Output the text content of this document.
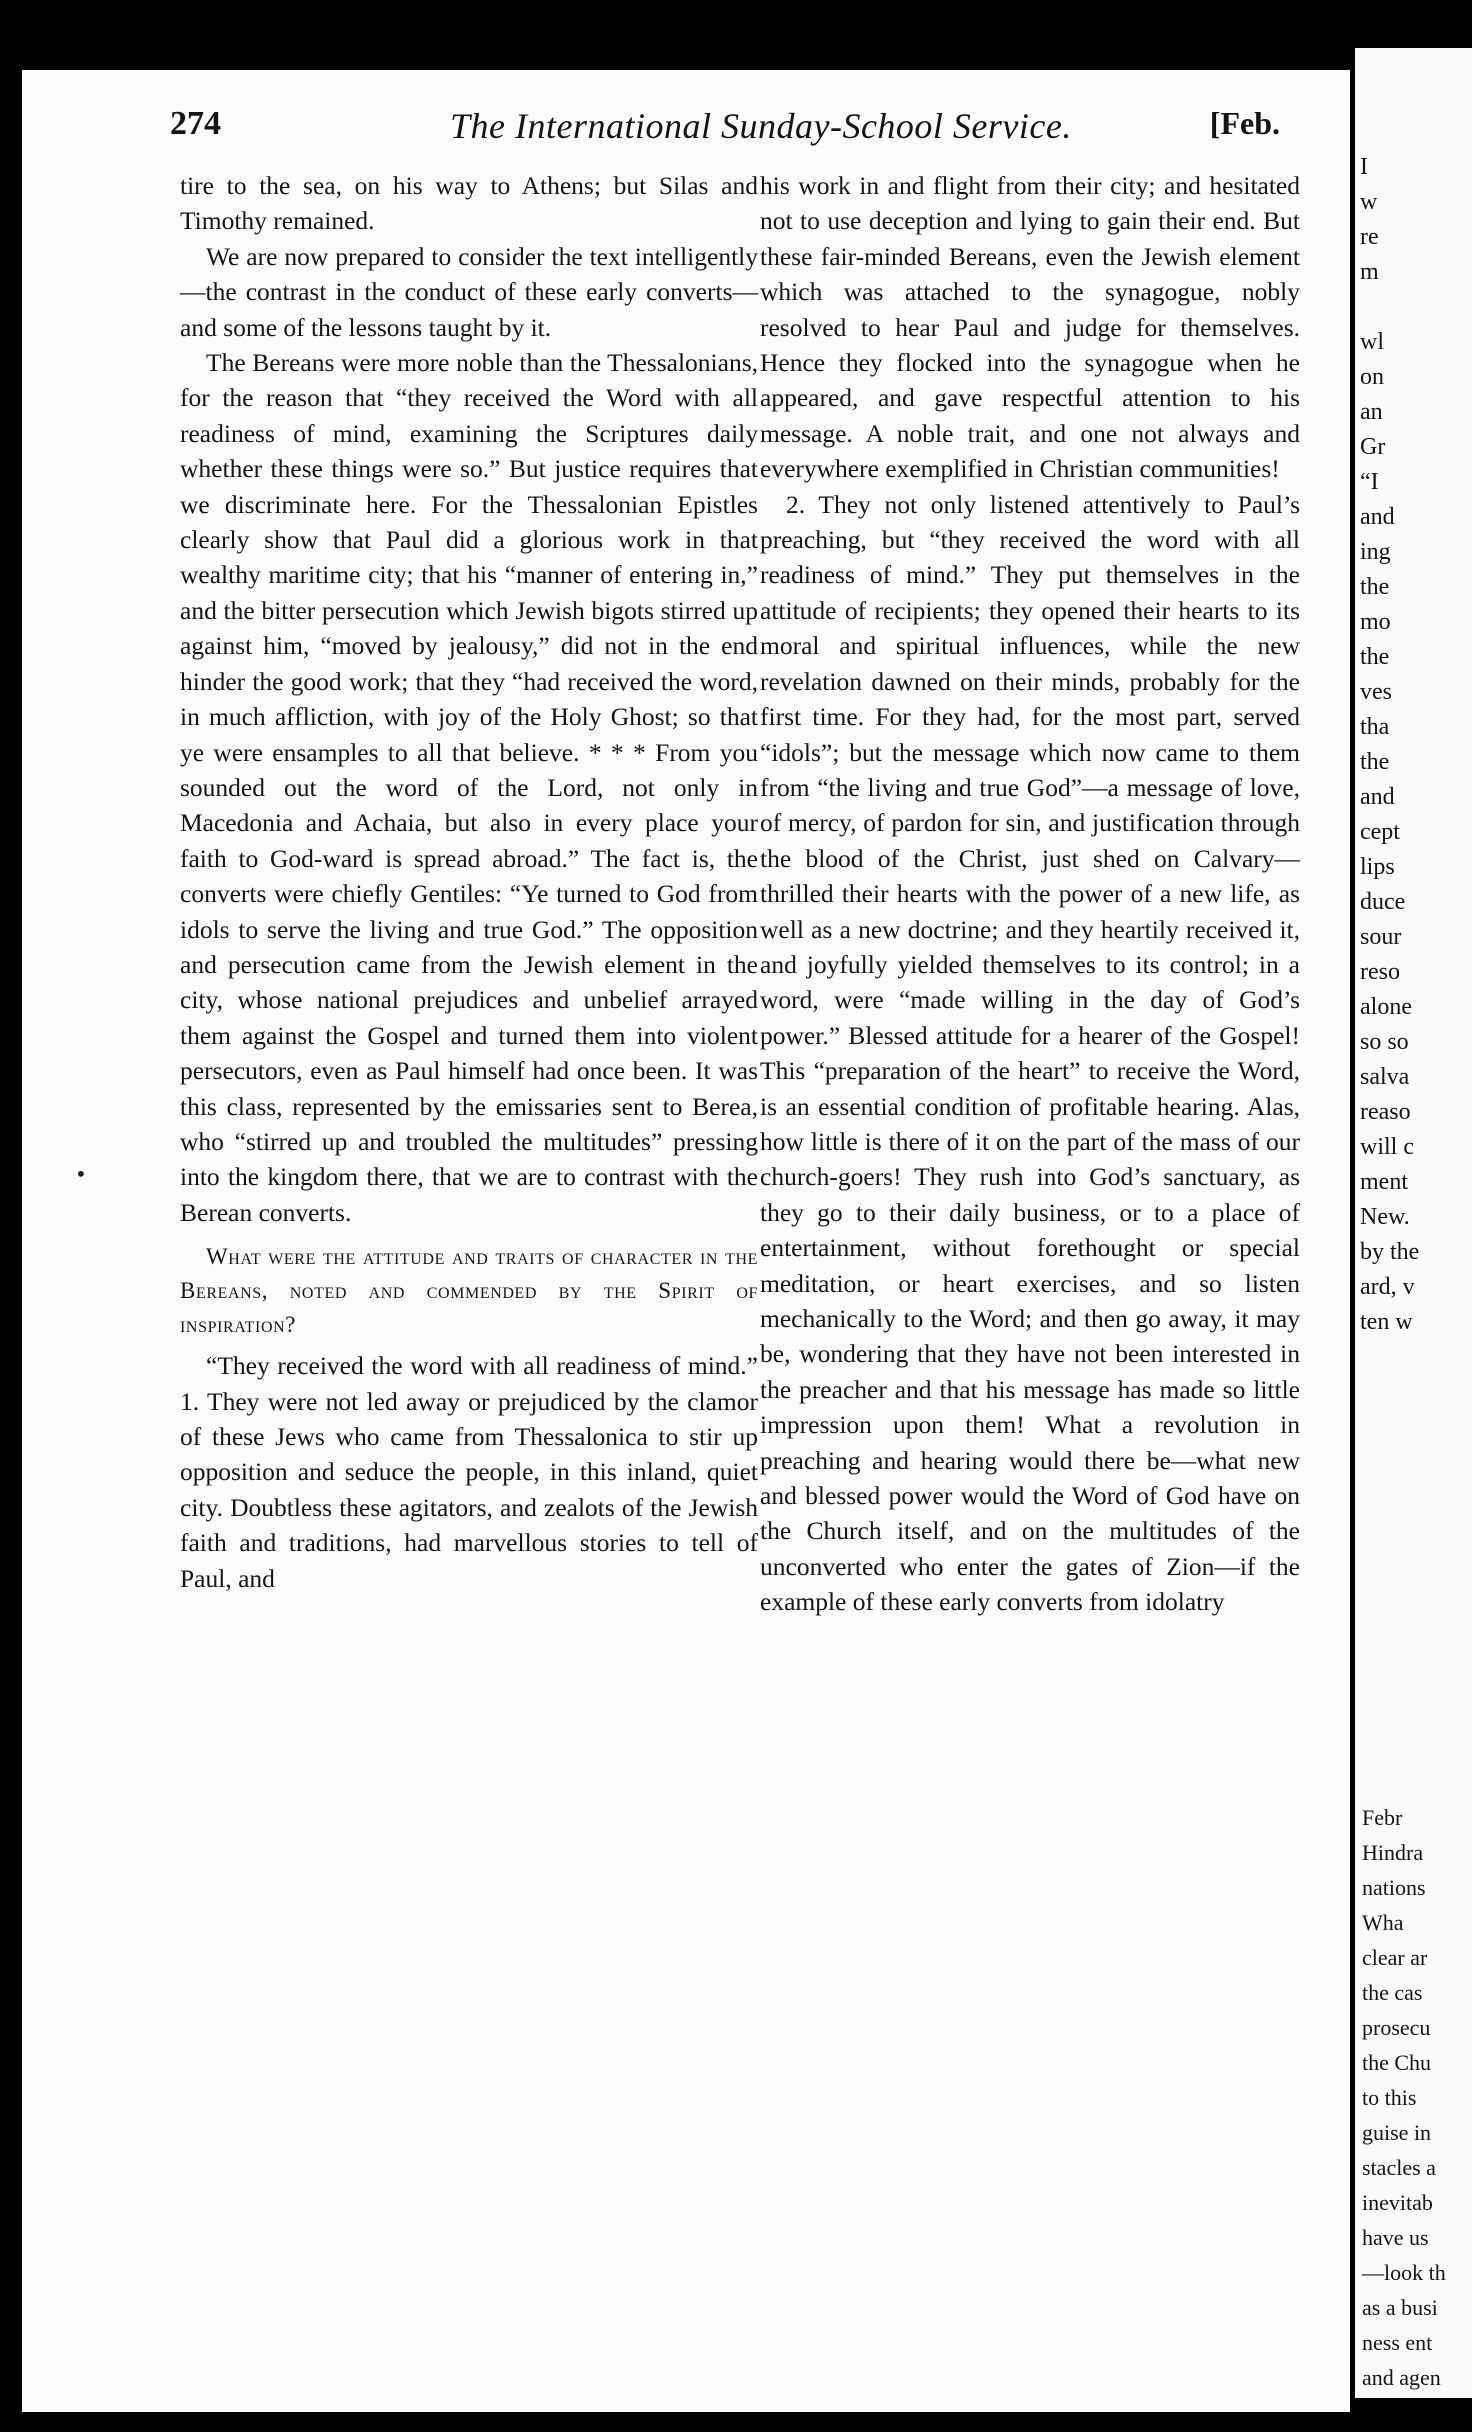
274	The International Sunday-School Service.	[Feb.
•

tire to the sea, on his way to Athens; but Silas and Timothy remained.

We are now prepared to consider the text intelligently—the contrast in the conduct of these early converts—and some of the lessons taught by it.

The Bereans were more noble than the Thessalonians, for the reason that “they received the Word with all readiness of mind, examining the Scriptures daily whether these things were so.” But justice requires that we discriminate here. For the Thessalonian Epistles clearly show that Paul did a glorious work in that wealthy maritime city; that his “manner of entering in,” and the bitter persecution which Jewish bigots stirred up against him, “moved by jealousy,” did not in the end hinder the good work; that they “had received the word, in much affliction, with joy of the Holy Ghost; so that ye were ensamples to all that believe. * * * From you sounded out the word of the Lord, not only in Macedonia and Achaia, but also in every place your faith to God-ward is spread abroad.” The fact is, the converts were chiefly Gentiles: “Ye turned to God from idols to serve the living and true God.” The opposition and persecution came from the Jewish element in the city, whose national prejudices and unbelief arrayed them against the Gospel and turned them into violent persecutors, even as Paul himself had once been. It was this class, represented by the emissaries sent to Berea, who “stirred up and troubled the multitudes” pressing into the kingdom there, that we are to contrast with the Berean converts.

What were the attitude and traits of character in the Bereans, noted and commended by the Spirit of inspiration?

“They received the word with all readiness of mind.” 1. They were not led away or prejudiced by the clamor of these Jews who came from Thessalonica to stir up opposition and seduce the people, in this inland, quiet city. Doubtless these agitators, and zealots of the Jewish faith and traditions, had marvellous stories to tell of Paul, and

his work in and flight from their city; and hesitated not to use deception and lying to gain their end. But these fair-minded Bereans, even the Jewish element which was attached to the synagogue, nobly resolved to hear Paul and judge for themselves. Hence they flocked into the synagogue when he appeared, and gave respectful attention to his message. A noble trait, and one not always and everywhere exemplified in Christian communities!

2. They not only listened attentively to Paul’s preaching, but “they received the word with all readiness of mind.” They put themselves in the attitude of recipients; they opened their hearts to its moral and spiritual influences, while the new revelation dawned on their minds, probably for the first time. For they had, for the most part, served “idols”; but the message which now came to them from “the living and true God”—a message of love, of mercy, of pardon for sin, and justification through the blood of the Christ, just shed on Calvary—thrilled their hearts with the power of a new life, as well as a new doctrine; and they heartily received it, and joyfully yielded themselves to its control; in a word, were “made willing in the day of God’s power.” Blessed attitude for a hearer of the Gospel! This “preparation of the heart” to receive the Word, is an essential condition of profitable hearing. Alas, how little is there of it on the part of the mass of our church-goers! They rush into God’s sanctuary, as they go to their daily business, or to a place of entertainment, without forethought or special meditation, or heart exercises, and so listen mechanically to the Word; and then go away, it may be, wondering that they have not been interested in the preacher and that his message has made so little impression upon them! What a revolution in preaching and hearing would there be—what new and blessed power would the Word of God have on the Church itself, and on the multitudes of the unconverted who enter the gates of Zion—if the example of these early converts from idolatry

I
w
re
m

wl
on
an
Gr
“I
and
ing
the
mo
the
ves
tha
the
and
cept
lips
duce
sour
reso
alone
so so
salva
reaso
will c
ment
New.
by the
ard, v
ten w
Febr
Hindra
nations
Wha
clear ar
the cas
prosecu
the Chu
to this
guise in
stacles a
inevitab
have us
—look th
as a busi
ness ent
and agen
